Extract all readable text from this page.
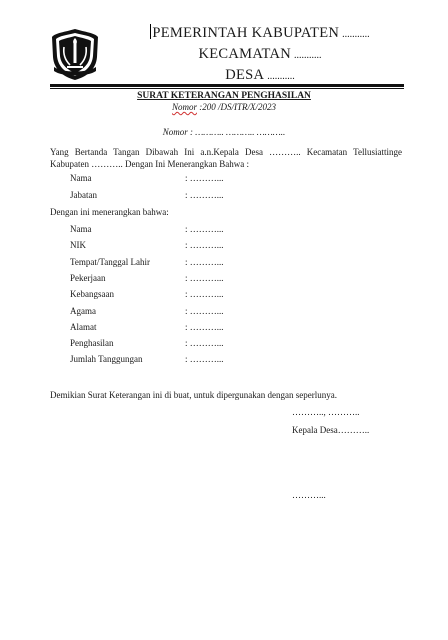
PEMERINTAH KABUPATEN ...........
KECAMATAN ...........
DESA ...........
SURAT KETERANGAN PENGHASILAN
Nomor :200 /DS/ITR/X/2023
Nomor : ……….. ……….. ………..
Yang Bertanda Tangan Dibawah Ini a.n.Kepala Desa ……….. Kecamatan Tellusiattinge Kabupaten ……….. Dengan Ini Menerangkan Bahwa :
Nama	: ………...
Jabatan	: ………...
Dengan ini menerangkan bahwa:
Nama	: ………...
NIK	: ………...
Tempat/Tanggal Lahir	: ………...
Pekerjaan	: ………...
Kebangsaan	: ………...
Agama	: ………...
Alamat	: ………...
Penghasilan	: ………...
Jumlah Tanggungan	: ………...
Demikian Surat Keterangan ini di buat, untuk dipergunakan dengan seperlunya.
……….., ………..
Kepala Desa………..
………...
